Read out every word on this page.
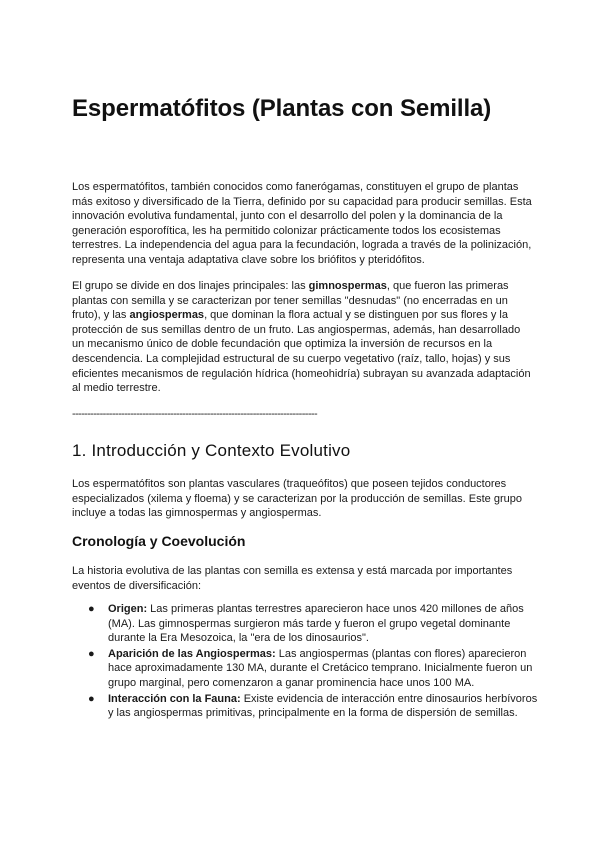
Espermatófitos (Plantas con Semilla)

Los espermatófitos, también conocidos como fanerógamas, constituyen el grupo de plantas más exitoso y diversificado de la Tierra, definido por su capacidad para producir semillas. Esta innovación evolutiva fundamental, junto con el desarrollo del polen y la dominancia de la generación esporofítica, les ha permitido colonizar prácticamente todos los ecosistemas terrestres. La independencia del agua para la fecundación, lograda a través de la polinización, representa una ventaja adaptativa clave sobre los briófitos y pteridófitos.

El grupo se divide en dos linajes principales: las gimnospermas, que fueron las primeras plantas con semilla y se caracterizan por tener semillas "desnudas" (no encerradas en un fruto), y las angiospermas, que dominan la flora actual y se distinguen por sus flores y la protección de sus semillas dentro de un fruto. Las angiospermas, además, han desarrollado un mecanismo único de doble fecundación que optimiza la inversión de recursos en la descendencia. La complejidad estructural de su cuerpo vegetativo (raíz, tallo, hojas) y sus eficientes mecanismos de regulación hídrica (homeohidría) subrayan su avanzada adaptación al medio terrestre.

--------------------------------------------------------------------------------
1. Introducción y Contexto Evolutivo

Los espermatófitos son plantas vasculares (traqueófitos) que poseen tejidos conductores especializados (xilema y floema) y se caracterizan por la producción de semillas. Este grupo incluye a todas las gimnospermas y angiospermas.

Cronología y Coevolución

La historia evolutiva de las plantas con semilla es extensa y está marcada por importantes eventos de diversificación:

● Origen: Las primeras plantas terrestres aparecieron hace unos 420 millones de años (MA). Las gimnospermas surgieron más tarde y fueron el grupo vegetal dominante durante la Era Mesozoica, la "era de los dinosaurios".
● Aparición de las Angiospermas: Las angiospermas (plantas con flores) aparecieron hace aproximadamente 130 MA, durante el Cretácico temprano. Inicialmente fueron un grupo marginal, pero comenzaron a ganar prominencia hace unos 100 MA.
● Interacción con la Fauna: Existe evidencia de interacción entre dinosaurios herbívoros y las angiospermas primitivas, principalmente en la forma de dispersión de semillas.
